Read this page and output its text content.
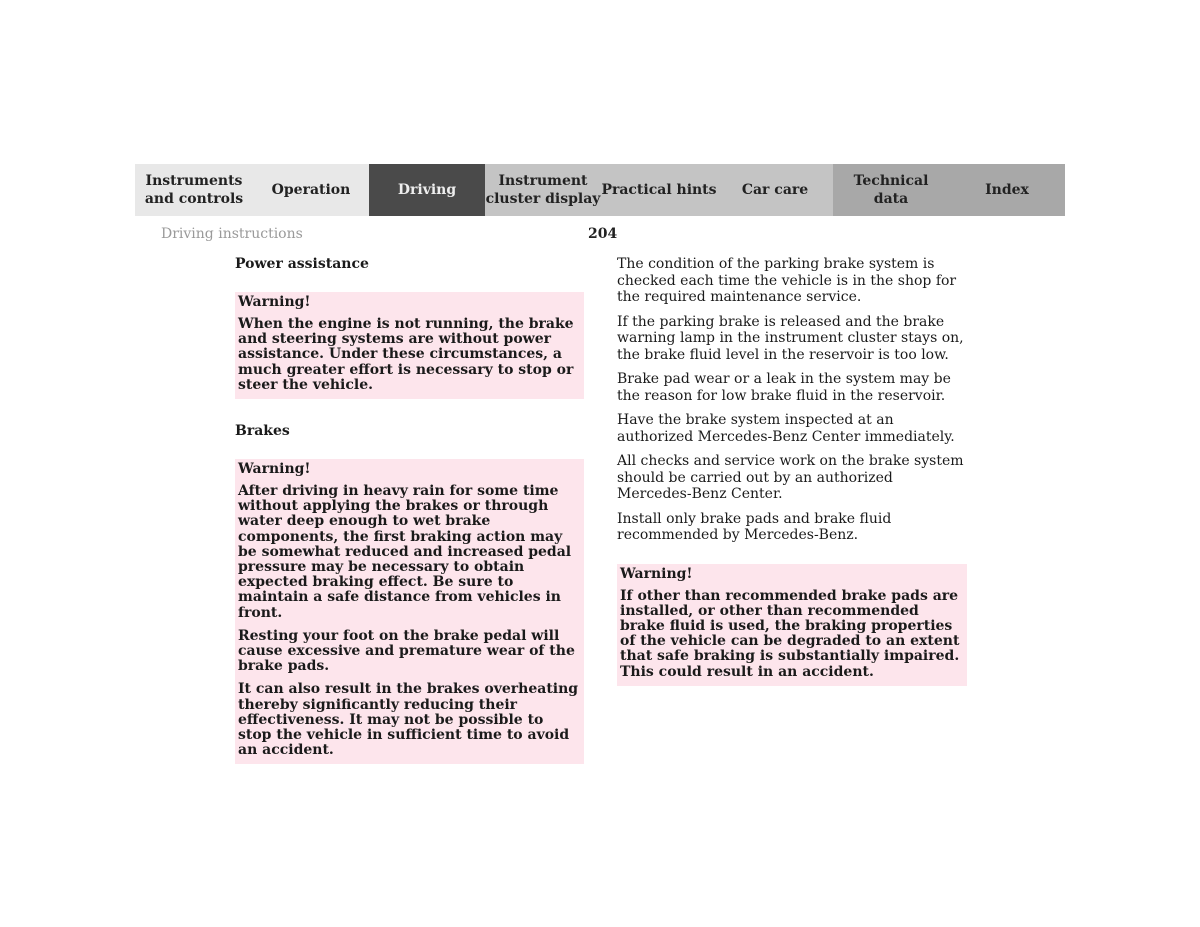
Instruments
and controls
Operation	Driving
Instrument
cluster display
Practical hints Car care
Technical
data
Index
Driving instructions	204
Power assistance
Warning!

When the engine is not running, the brake and steering systems are without power assistance. Under these circumstances, a much greater effort is necessary to stop or steer the vehicle.

Brakes
Warning!

After driving in heavy rain for some time without applying the brakes or through water deep enough to wet brake components, the first braking action may be somewhat reduced and increased pedal pressure may be necessary to obtain expected braking effect. Be sure to maintain a safe distance from vehicles in front.

Resting your foot on the brake pedal will cause excessive and premature wear of the brake pads.

It can also result in the brakes overheating thereby significantly reducing their effectiveness. It may not be possible to stop the vehicle in sufficient time to avoid an accident.

The condition of the parking brake system is checked each time the vehicle is in the shop for the required maintenance service.

If the parking brake is released and the brake warning lamp in the instrument cluster stays on, the brake fluid level in the reservoir is too low.

Brake pad wear or a leak in the system may be the reason for low brake fluid in the reservoir.

Have the brake system inspected at an authorized Mercedes-Benz Center immediately.

All checks and service work on the brake system should be carried out by an authorized Mercedes-Benz Center.

Install only brake pads and brake fluid recommended by Mercedes-Benz.

Warning!

If other than recommended brake pads are installed, or other than recommended brake fluid is used, the braking properties of the vehicle can be degraded to an extent that safe braking is substantially impaired. This could result in an accident.
